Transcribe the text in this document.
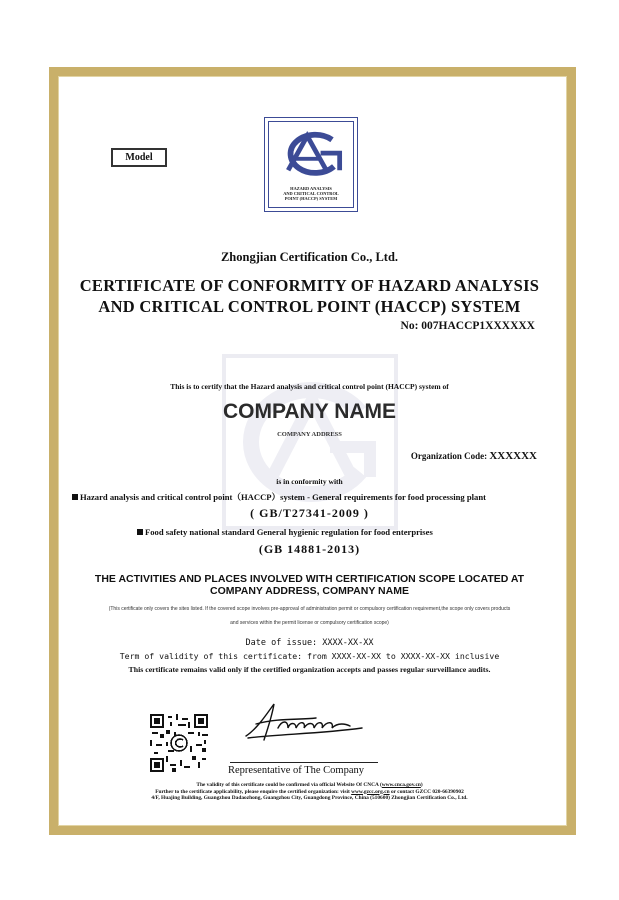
Model
HAZARD ANALYSIS
AND CRITICAL CONTROL
POINT (HACCP) SYSTEM
Zhongjian Certification Co., Ltd.
CERTIFICATE OF CONFORMITY OF HAZARD ANALYSIS
AND CRITICAL CONTROL POINT (HACCP) SYSTEM
No: 007HACCP1XXXXXX
This is to certify that the Hazard analysis and critical control point (HACCP) system of
COMPANY NAME
COMPANY ADDRESS
Organization Code: XXXXXX
is in conformity with
Hazard analysis and critical control point（HACCP）system - General requirements for food processing plant
( GB/T27341-2009 )
Food safety national standard General hygienic regulation for food enterprises
(GB 14881-2013)
THE ACTIVITIES AND PLACES INVOLVED WITH CERTIFICATION SCOPE LOCATED AT
COMPANY ADDRESS, COMPANY NAME
(This certificate only covers the sites listed. If the covered scope involves pre-approval of administration permit or compulsory certification requirement,the scope only covers products
and services within the permit license or compulsory certification scope)
Date of issue: XXXX-XX-XX
Term of validity of this certificate: from XXXX-XX-XX to XXXX-XX-XX inclusive
This certificate remains valid only if the certified organization accepts and passes regular surveillance audits.
Representative of The Company
The validity of this certificate could be confirmed via official Website Of CNCA (www.cnca.gov.cn)
Further to the certificate applicability, please enquire the certified organization: visit www.gzcc.org.cn or contact GZCC 020-66390902
4/F, Huajing Building, Guangzhou Dadaozhong, Guangzhou City, Guangdong Province, China (510600) Zhongjian Certification Co., Ltd.
